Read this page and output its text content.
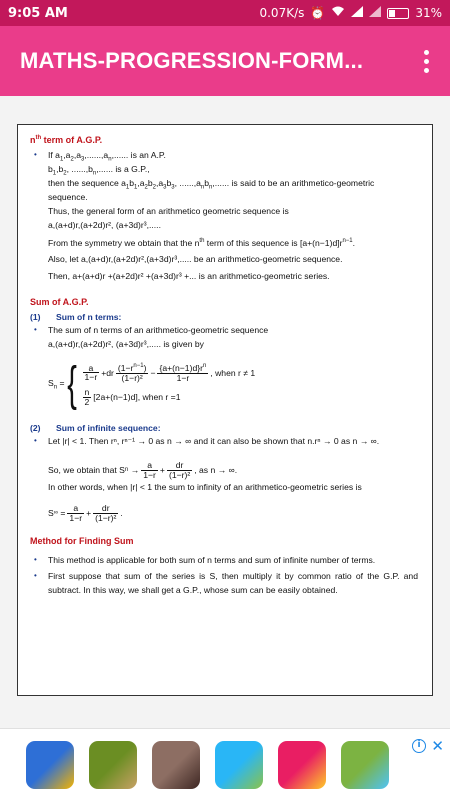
9:05 AM	0.07K/s ⏰	31%
MATHS-PROGRESSION-FORM...
$n^{th}$ term of A.G.P.
• If $a_1,a_2,a_3,......,a_n$,...... is an A.P.
$b_1,b_2$, $......,b_n$,...... is a G.P.,
then the sequence $a_1b_1,a_2b_2,a_3b_3$, $......,a_nb_n$,...... is said to be an arithmetico-geometric
sequence.
Thus, the general form of an arithmetico geometric sequence is
a,(a+d)r,(a+2d)r², (a+3d)r³,.....
From the symmetry we obtain that the $n^{th}$ term of this sequence is $[a+(n-1)d]r^{n-1}$.
Also, let a,(a+d)r,(a+2d)r²,(a+3d)r³,..... be an arithmetico-geometric sequence.
Then, a+(a+d)r +(a+2d)r² +(a+3d)r³ +... is an arithmetico-geometric series.
Sum of A.G.P.
(1) Sum of n terms:
• The sum of n terms of an arithmetico-geometric sequence
a,(a+d)r,(a+2d)r², (a+3d)r³,..... is given by
$S_n$ = { $\frac{a}{1-r} +dr \frac{(1-r^{n-1})}{\text{(1−r)²}} - \frac{\{a+(n-1)d\}r^n}{1-r}$ , when r ≠ 1
$\frac{n}{2} [2a+(n-1)d]$, when r =1
(2) Sum of infinite sequence:
• Let |r| < 1. Then rⁿ, rⁿ⁻¹ → 0 as n → ∞ and it can also be shown that n.rⁿ → 0 as n → ∞.
So, we obtain that S $n \to \frac{a}{1-r} + \frac{dr}{\text{(1−r)²}}$ , as n → ∞.
In other words, when |r| < 1 the sum to infinity of an arithmetico-geometric series is
S ∞ = $\frac{a}{1-r} + \frac{dr}{\text{(1−r)²}}$ .
Method for Finding Sum
• This method is applicable for both sum of n terms and sum of infinite number of terms.
• First suppose that sum of the series is S, then multiply it by common ratio of the G.P. and subtract. In this way, we shall get a G.P., whose sum can be easily obtained.
i ✕
